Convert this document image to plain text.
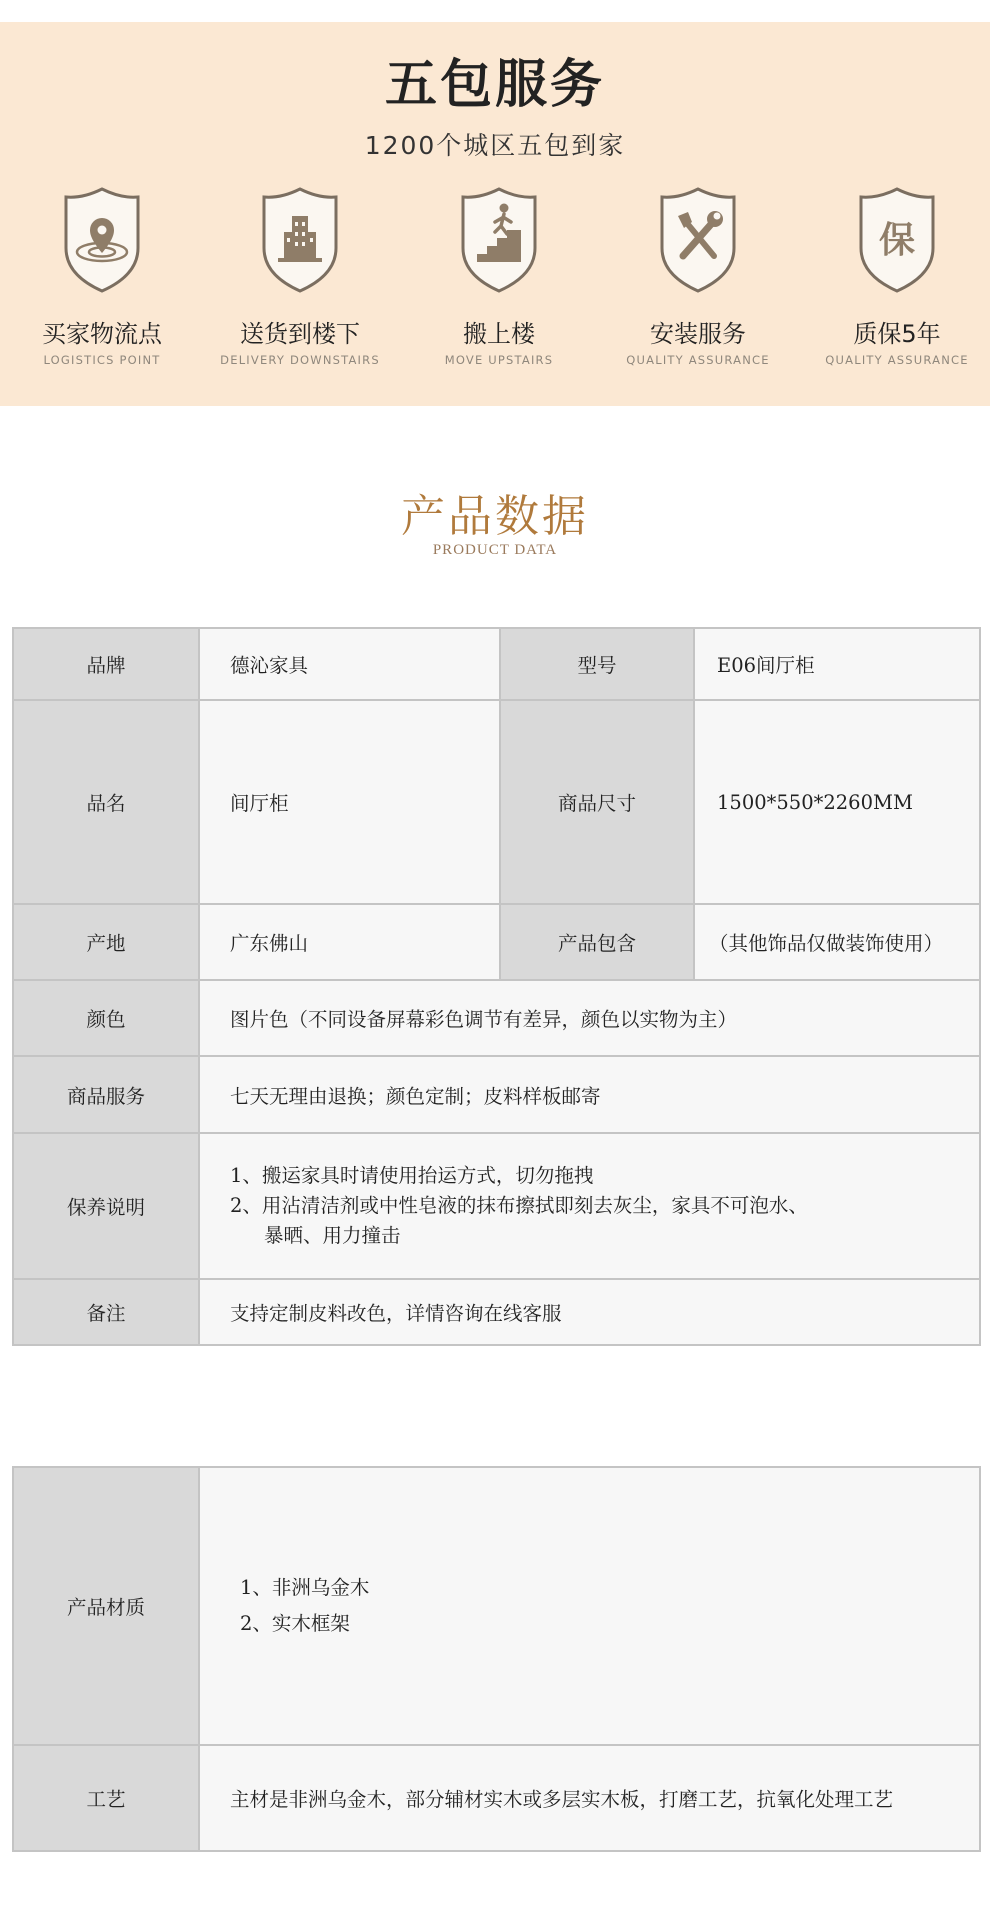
五包服务
1200个城区五包到家
买家物流点
LOGISTICS POINT
送货到楼下
DELIVERY DOWNSTAIRS
搬上楼
MOVE UPSTAIRS
安装服务
QUALITY ASSURANCE
保
质保5年
QUALITY ASSURANCE
产品数据
PRODUCT DATA
品牌	德沁家具	型号	E06间厅柜
品名	间厅柜	商品尺寸	1500*550*2260MM
产地	广东佛山	产品包含	（其他饰品仅做装饰使用）
颜色	图片色（不同设备屏幕彩色调节有差异，颜色以实物为主）		
商品服务	七天无理由退换；颜色定制；皮料样板邮寄		
保养说明	1、搬运家具时请使用抬运方式，切勿拖拽
2、用沾清洁剂或中性皂液的抹布擦拭即刻去灰尘，家具不可泡水、
暴晒、用力撞击		

备注	支持定制皮料改色，详情咨询在线客服		
产品材质	1、非洲乌金木
2、实木框架

工艺	主材是非洲乌金木，部分辅材实木或多层实木板，打磨工艺，抗氧化处理工艺
